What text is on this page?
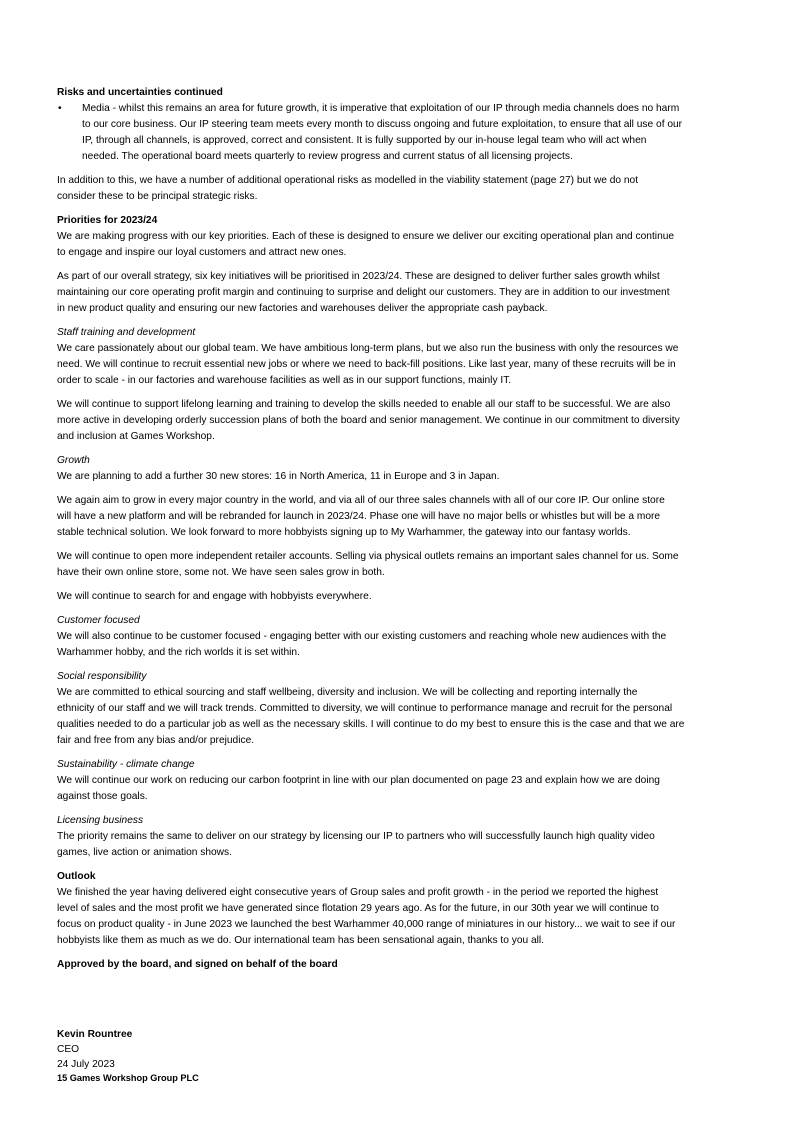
Risks and uncertainties continued
• Media - whilst this remains an area for future growth, it is imperative that exploitation of our IP through media channels does no harm
to our core business. Our IP steering team meets every month to discuss ongoing and future exploitation, to ensure that all use of our
IP, through all channels, is approved, correct and consistent. It is fully supported by our in-house legal team who will act when
needed. The operational board meets quarterly to review progress and current status of all licensing projects.
In addition to this, we have a number of additional operational risks as modelled in the viability statement (page 27) but we do not
consider these to be principal strategic risks.
Priorities for 2023/24
We are making progress with our key priorities. Each of these is designed to ensure we deliver our exciting operational plan and continue
to engage and inspire our loyal customers and attract new ones.
As part of our overall strategy, six key initiatives will be prioritised in 2023/24. These are designed to deliver further sales growth whilst
maintaining our core operating profit margin and continuing to surprise and delight our customers. They are in addition to our investment
in new product quality and ensuring our new factories and warehouses deliver the appropriate cash payback.
Staff training and development
We care passionately about our global team. We have ambitious long-term plans, but we also run the business with only the resources we
need. We will continue to recruit essential new jobs or where we need to back-fill positions. Like last year, many of these recruits will be in
order to scale - in our factories and warehouse facilities as well as in our support functions, mainly IT.
We will continue to support lifelong learning and training to develop the skills needed to enable all our staff to be successful. We are also
more active in developing orderly succession plans of both the board and senior management. We continue in our commitment to diversity
and inclusion at Games Workshop.
Growth
We are planning to add a further 30 new stores: 16 in North America, 11 in Europe and 3 in Japan.
We again aim to grow in every major country in the world, and via all of our three sales channels with all of our core IP. Our online store
will have a new platform and will be rebranded for launch in 2023/24. Phase one will have no major bells or whistles but will be a more
stable technical solution. We look forward to more hobbyists signing up to My Warhammer, the gateway into our fantasy worlds.
We will continue to open more independent retailer accounts. Selling via physical outlets remains an important sales channel for us. Some
have their own online store, some not. We have seen sales grow in both.
We will continue to search for and engage with hobbyists everywhere.
Customer focused
We will also continue to be customer focused - engaging better with our existing customers and reaching whole new audiences with the
Warhammer hobby, and the rich worlds it is set within.
Social responsibility
We are committed to ethical sourcing and staff wellbeing, diversity and inclusion. We will be collecting and reporting internally the
ethnicity of our staff and we will track trends. Committed to diversity, we will continue to performance manage and recruit for the personal
qualities needed to do a particular job as well as the necessary skills. I will continue to do my best to ensure this is the case and that we are
fair and free from any bias and/or prejudice.
Sustainability - climate change
We will continue our work on reducing our carbon footprint in line with our plan documented on page 23 and explain how we are doing
against those goals.
Licensing business
The priority remains the same to deliver on our strategy by licensing our IP to partners who will successfully launch high quality video
games, live action or animation shows.
Outlook
We finished the year having delivered eight consecutive years of Group sales and profit growth - in the period we reported the highest
level of sales and the most profit we have generated since flotation 29 years ago. As for the future, in our 30th year we will continue to
focus on product quality - in June 2023 we launched the best Warhammer 40,000 range of miniatures in our history... we wait to see if our
hobbyists like them as much as we do. Our international team has been sensational again, thanks to you all.
Approved by the board, and signed on behalf of the board
Kevin Rountree
CEO
24 July 2023
15 Games Workshop Group PLC
